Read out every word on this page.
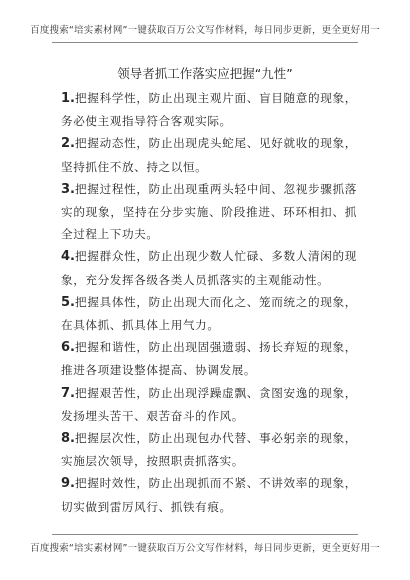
百度搜索“培实素材网”一键获取百万公文写作材料，每日同步更新，更全更好用一
领导者抓工作落实应把握“九性”

1.把握科学性，防止出现主观片面、盲目随意的现象，务必使主观指导符合客观实际。

2.把握动态性，防止出现虎头蛇尾、见好就收的现象，坚持抓住不放、持之以恒。

3.把握过程性，防止出现重两头轻中间、忽视步骤抓落实的现象，坚持在分步实施、阶段推进、环环相扣、抓全过程上下功夫。

4.把握群众性，防止出现少数人忙碌、多数人清闲的现象，充分发挥各级各类人员抓落实的主观能动性。

5.把握具体性，防止出现大而化之、笼而统之的现象，在具体抓、抓具体上用气力。

6.把握和谐性，防止出现固强遗弱、扬长弃短的现象，推进各项建设整体提高、协调发展。

7.把握艰苦性，防止出现浮躁虚飘、贪图安逸的现象，发扬埋头苦干、艰苦奋斗的作风。

8.把握层次性，防止出现包办代替、事必躬亲的现象，实施层次领导，按照职责抓落实。

9.把握时效性，防止出现抓而不紧、不讲效率的现象，切实做到雷厉风行、抓铁有痕。

百度搜索“培实素材网”一键获取百万公文写作材料，每日同步更新，更全更好用一
